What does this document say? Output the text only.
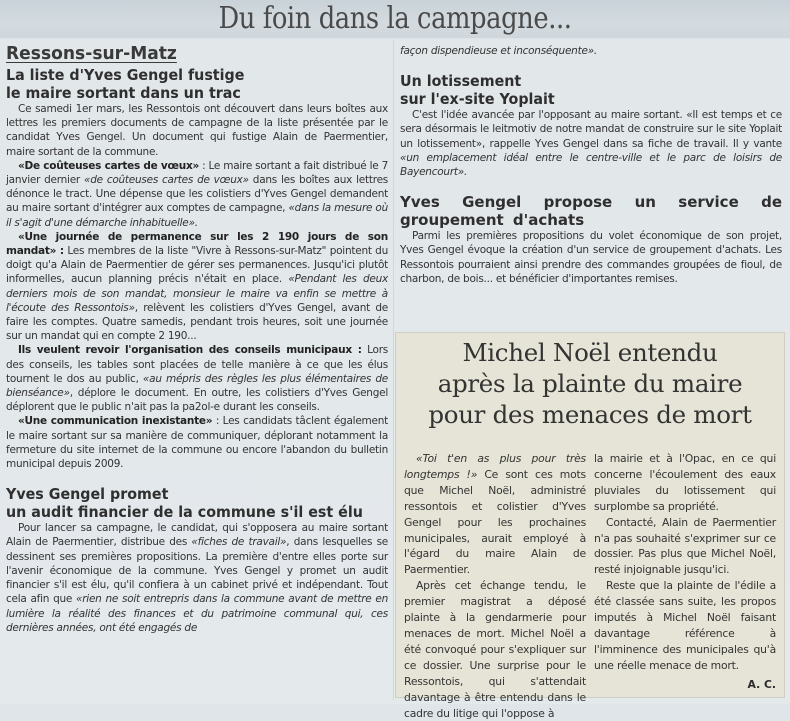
Du foin dans la campagne...
Ressons-sur-Matz
La liste d'Yves Gengel fustige
le maire sortant dans un trac

Ce samedi 1er mars, les Ressontois ont découvert dans leurs boîtes aux lettres les premiers documents de campagne de la liste présentée par le candidat Yves Gengel. Un document qui fustige Alain de Paermentier, maire sortant de la commune.

«De coûteuses cartes de vœux» : Le maire sortant a fait distribué le 7 janvier dernier «de coûteuses cartes de vœux» dans les boîtes aux lettres dénonce le tract. Une dépense que les colistiers d'Yves Gengel demandent au maire sortant d'intégrer aux comptes de campagne, «dans la mesure où il s'agit d'une démarche inhabituelle».

«Une journée de permanence sur les 2 190 jours de son mandat» : Les membres de la liste "Vivre à Ressons-sur-Matz" pointent du doigt qu'a Alain de Paermentier de gérer ses permanences. Jusqu'ici plutôt informelles, aucun planning précis n'était en place. «Pendant les deux derniers mois de son mandat, monsieur le maire va enfin se mettre à l'écoute des Ressontois», relèvent les colistiers d'Yves Gengel, avant de faire les comptes. Quatre samedis, pendant trois heures, soit une journée sur un mandat qui en compte 2 190...

Ils veulent revoir l'organisation des conseils municipaux : Lors des conseils, les tables sont placées de telle manière à ce que les élus tournent le dos au public, «au mépris des règles les plus élémentaires de bienséance», déplore le document. En outre, les colistiers d'Yves Gengel déplorent que le public n'ait pas la pa2ol-e durant les conseils.

«Une communication inexistante» : Les candidats tâclent également le maire sortant sur sa manière de communiquer, déplorant notamment la fermeture du site internet de la commune ou encore l'abandon du bulletin municipal depuis 2009.

Yves Gengel promet
un audit financier de la commune s'il est élu

Pour lancer sa campagne, le candidat, qui s'opposera au maire sortant Alain de Paermentier, distribue des «fiches de travail», dans lesquelles se dessinent ses premières propositions. La première d'entre elles porte sur l'avenir économique de la commune. Yves Gengel y promet un audit financier s'il est élu, qu'il confiera à un cabinet privé et indépendant. Tout cela afin que «rien ne soit entrepris dans la commune avant de mettre en lumière la réalité des finances et du patrimoine communal qui, ces dernières années, ont été engagés de

façon dispendieuse et inconséquente».

Un lotissement
sur l'ex-site Yoplait

C'est l'idée avancée par l'opposant au maire sortant. «Il est temps et ce sera désormais le leitmotiv de notre mandat de construire sur le site Yoplait un lotissement», rappelle Yves Gengel dans sa fiche de travail. Il y vante «un emplacement idéal entre le centre-ville et le parc de loisirs de Bayencourt».

Yves Gengel propose un service de groupement d'achats

Parmi les premières propositions du volet économique de son projet, Yves Gengel évoque la création d'un service de groupement d'achats. Les Ressontois pourraient ainsi prendre des commandes groupées de fioul, de charbon, de bois... et bénéficier d'importantes remises.

Michel Noël entendu
après la plainte du maire
pour des menaces de mort

«Toi t'en as plus pour très longtemps !» Ce sont ces mots que Michel Noël, administré ressontois et colistier d'Yves Gengel pour les prochaines municipales, aurait employé à l'égard du maire Alain de Paermentier.

Après cet échange tendu, le premier magistrat a déposé plainte à la gendarmerie pour menaces de mort. Michel Noël a été convoqué pour s'expliquer sur ce dossier. Une surprise pour le Ressontois, qui s'attendait davantage à être entendu dans le cadre du litige qui l'oppose à

la mairie et à l'Opac, en ce qui concerne l'écoulement des eaux pluviales du lotissement qui surplombe sa propriété.

Contacté, Alain de Paermentier n'a pas souhaité s'exprimer sur ce dossier. Pas plus que Michel Noël, resté injoignable jusqu'ici.

Reste que la plainte de l'édile a été classée sans suite, les propos imputés à Michel Noël faisant davantage référence à l'imminence des municipales qu'à une réelle menace de mort.

A. C.
